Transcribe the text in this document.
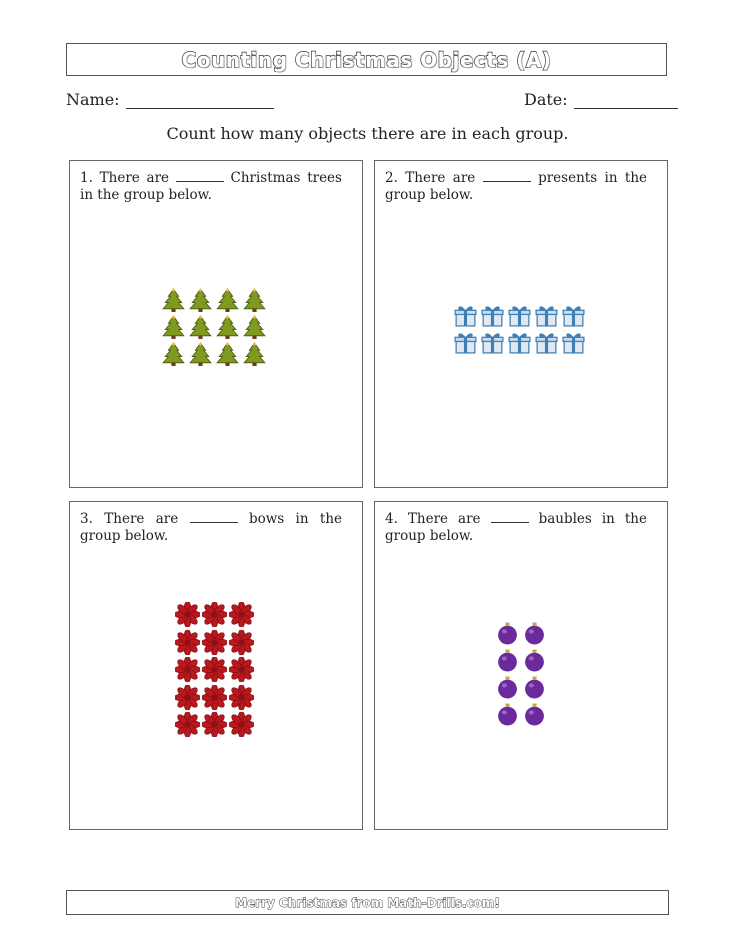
Counting Christmas Objects (A)
Name:	Date:
Count how many objects there are in each group.
1. There are	Christmas trees in the group below.
2. There are	presents in the group below.
3. There are	bows in the group below.
4. There are	baubles in the group below.
Merry Christmas from Math-Drills.com!
